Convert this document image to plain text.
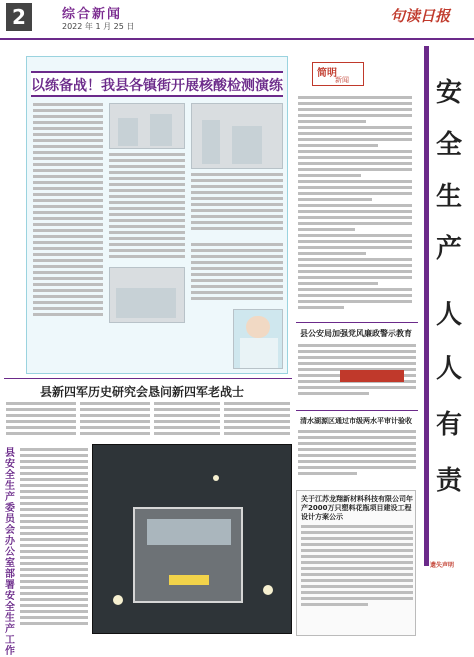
2	综合新闻
2022 年 1 月 25 日
句读日报
以练备战！我县各镇街开展核酸检测演练
简明
新闻	安
全
生
产
人
人
有
责
县公安局加强党风廉政警示教育
清水湖源区通过市级两水平审计验收
关于江苏龙翔新材料科技有限公司年产2000万只塑料花瓶项目建设工程设计方案公示
县新四军历史研究会恳问新四军老战士
县安全生产委员会办公室部署安全生产工作
遗失声明
